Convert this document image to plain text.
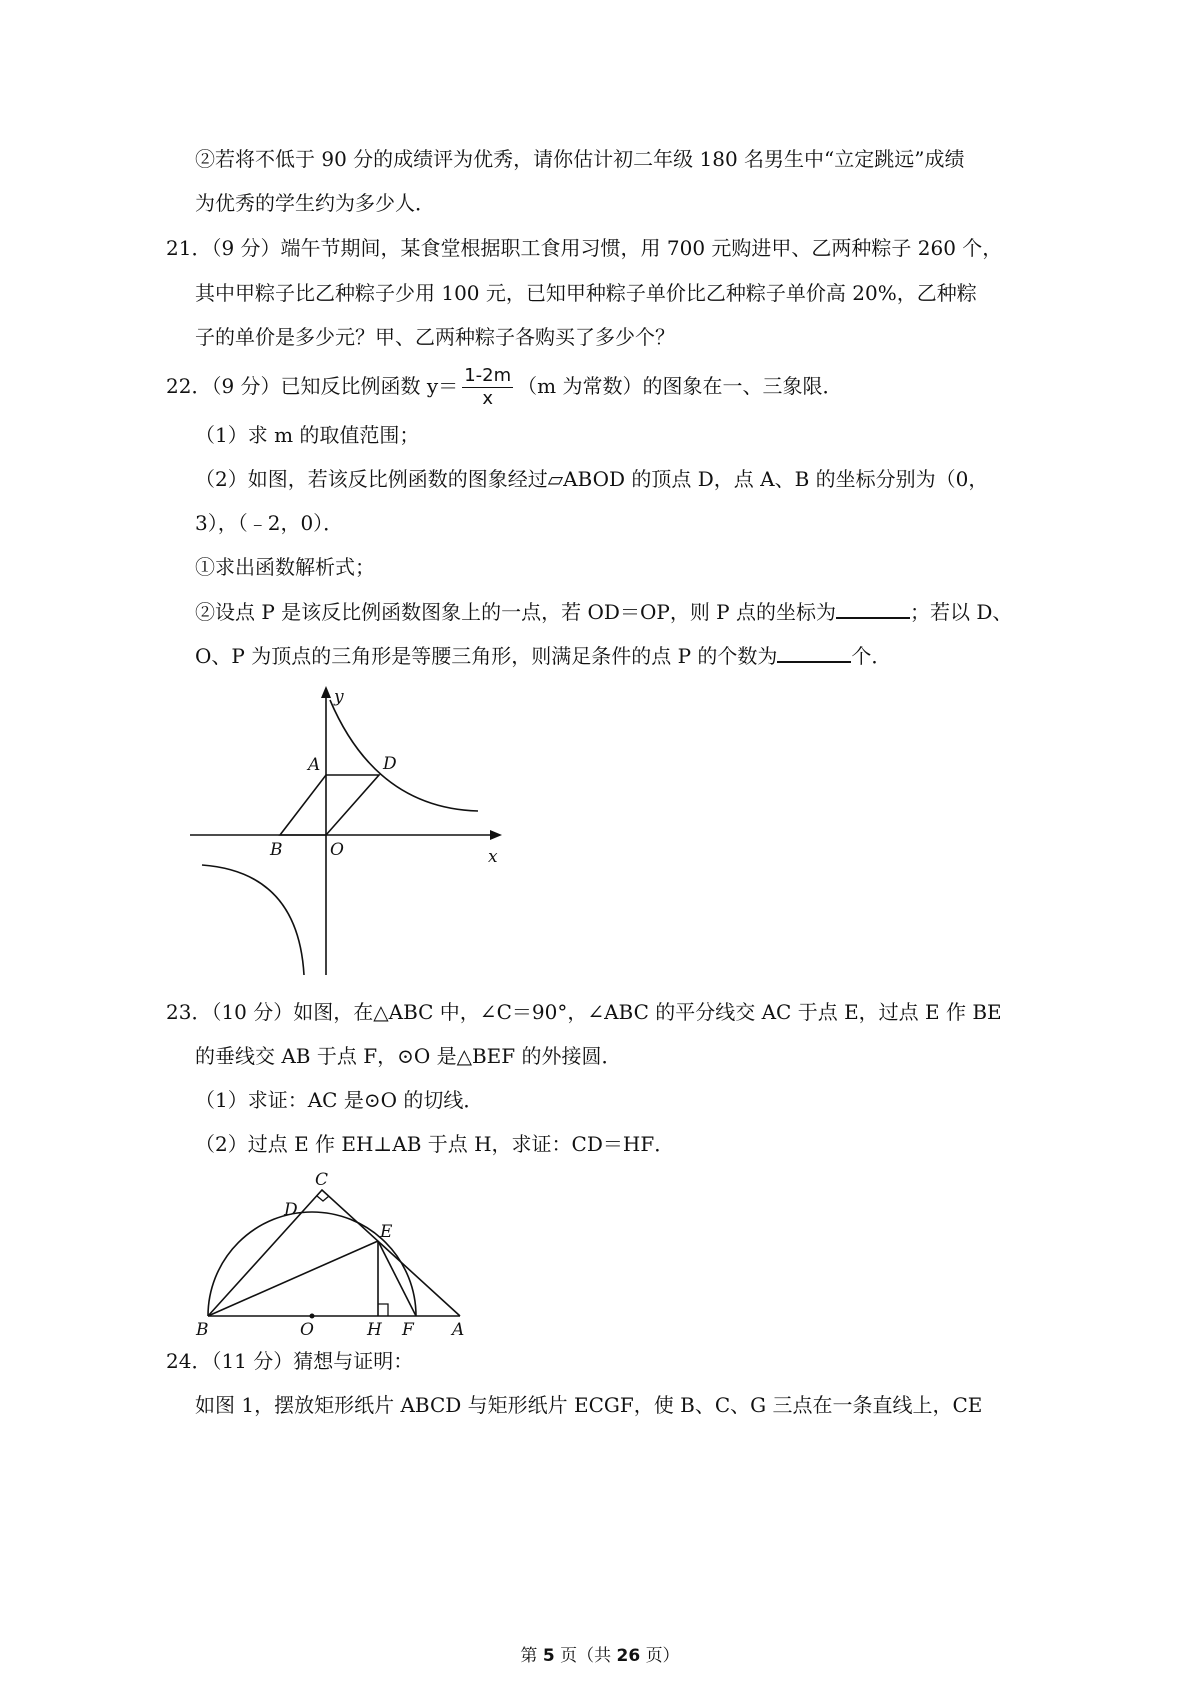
②若将不低于 90 分的成绩评为优秀，请你估计初二年级 180 名男生中“立定跳远”成绩
为优秀的学生约为多少人．
21．（9 分）端午节期间，某食堂根据职工食用习惯，用 700 元购进甲、乙两种粽子 260 个，
其中甲粽子比乙种粽子少用 100 元，已知甲种粽子单价比乙种粽子单价高 20%，乙种粽
子的单价是多少元？甲、乙两种粽子各购买了多少个？
22．（9 分）已知反比例函数 $y= \frac{1-2m}{x} (m$ 为常数）的图象在一、三象限．
（1）求 m 的取值范围；
（2）如图，若该反比例函数的图象经过▱ABOD 的顶点 D，点 A、B 的坐标分别为（0，
3），（﹣2，0）．
①求出函数解析式；
②设点 P 是该反比例函数图象上的一点，若 OD＝OP，则 P 点的坐标为	；若以 D、
O、P 为顶点的三角形是等腰三角形，则满足条件的点 P 的个数为	个．
y
A	D
B	O	x
23．（10 分）如图，在△ABC 中，∠C＝90°，∠ABC 的平分线交 AC 于点 E，过点 E 作 BE
的垂线交 AB 于点 F，⊙O 是△BEF 的外接圆．
（1）求证：AC 是⊙O 的切线．
（2）过点 E 作 EH⊥AB 于点 H，求证：CD＝HF．
C
D
E
B	O	H F A
24．（11 分）猜想与证明：
如图 1，摆放矩形纸片 ABCD 与矩形纸片 ECGF，使 B、C、G 三点在一条直线上，CE
第 5 页（共 26 页）
